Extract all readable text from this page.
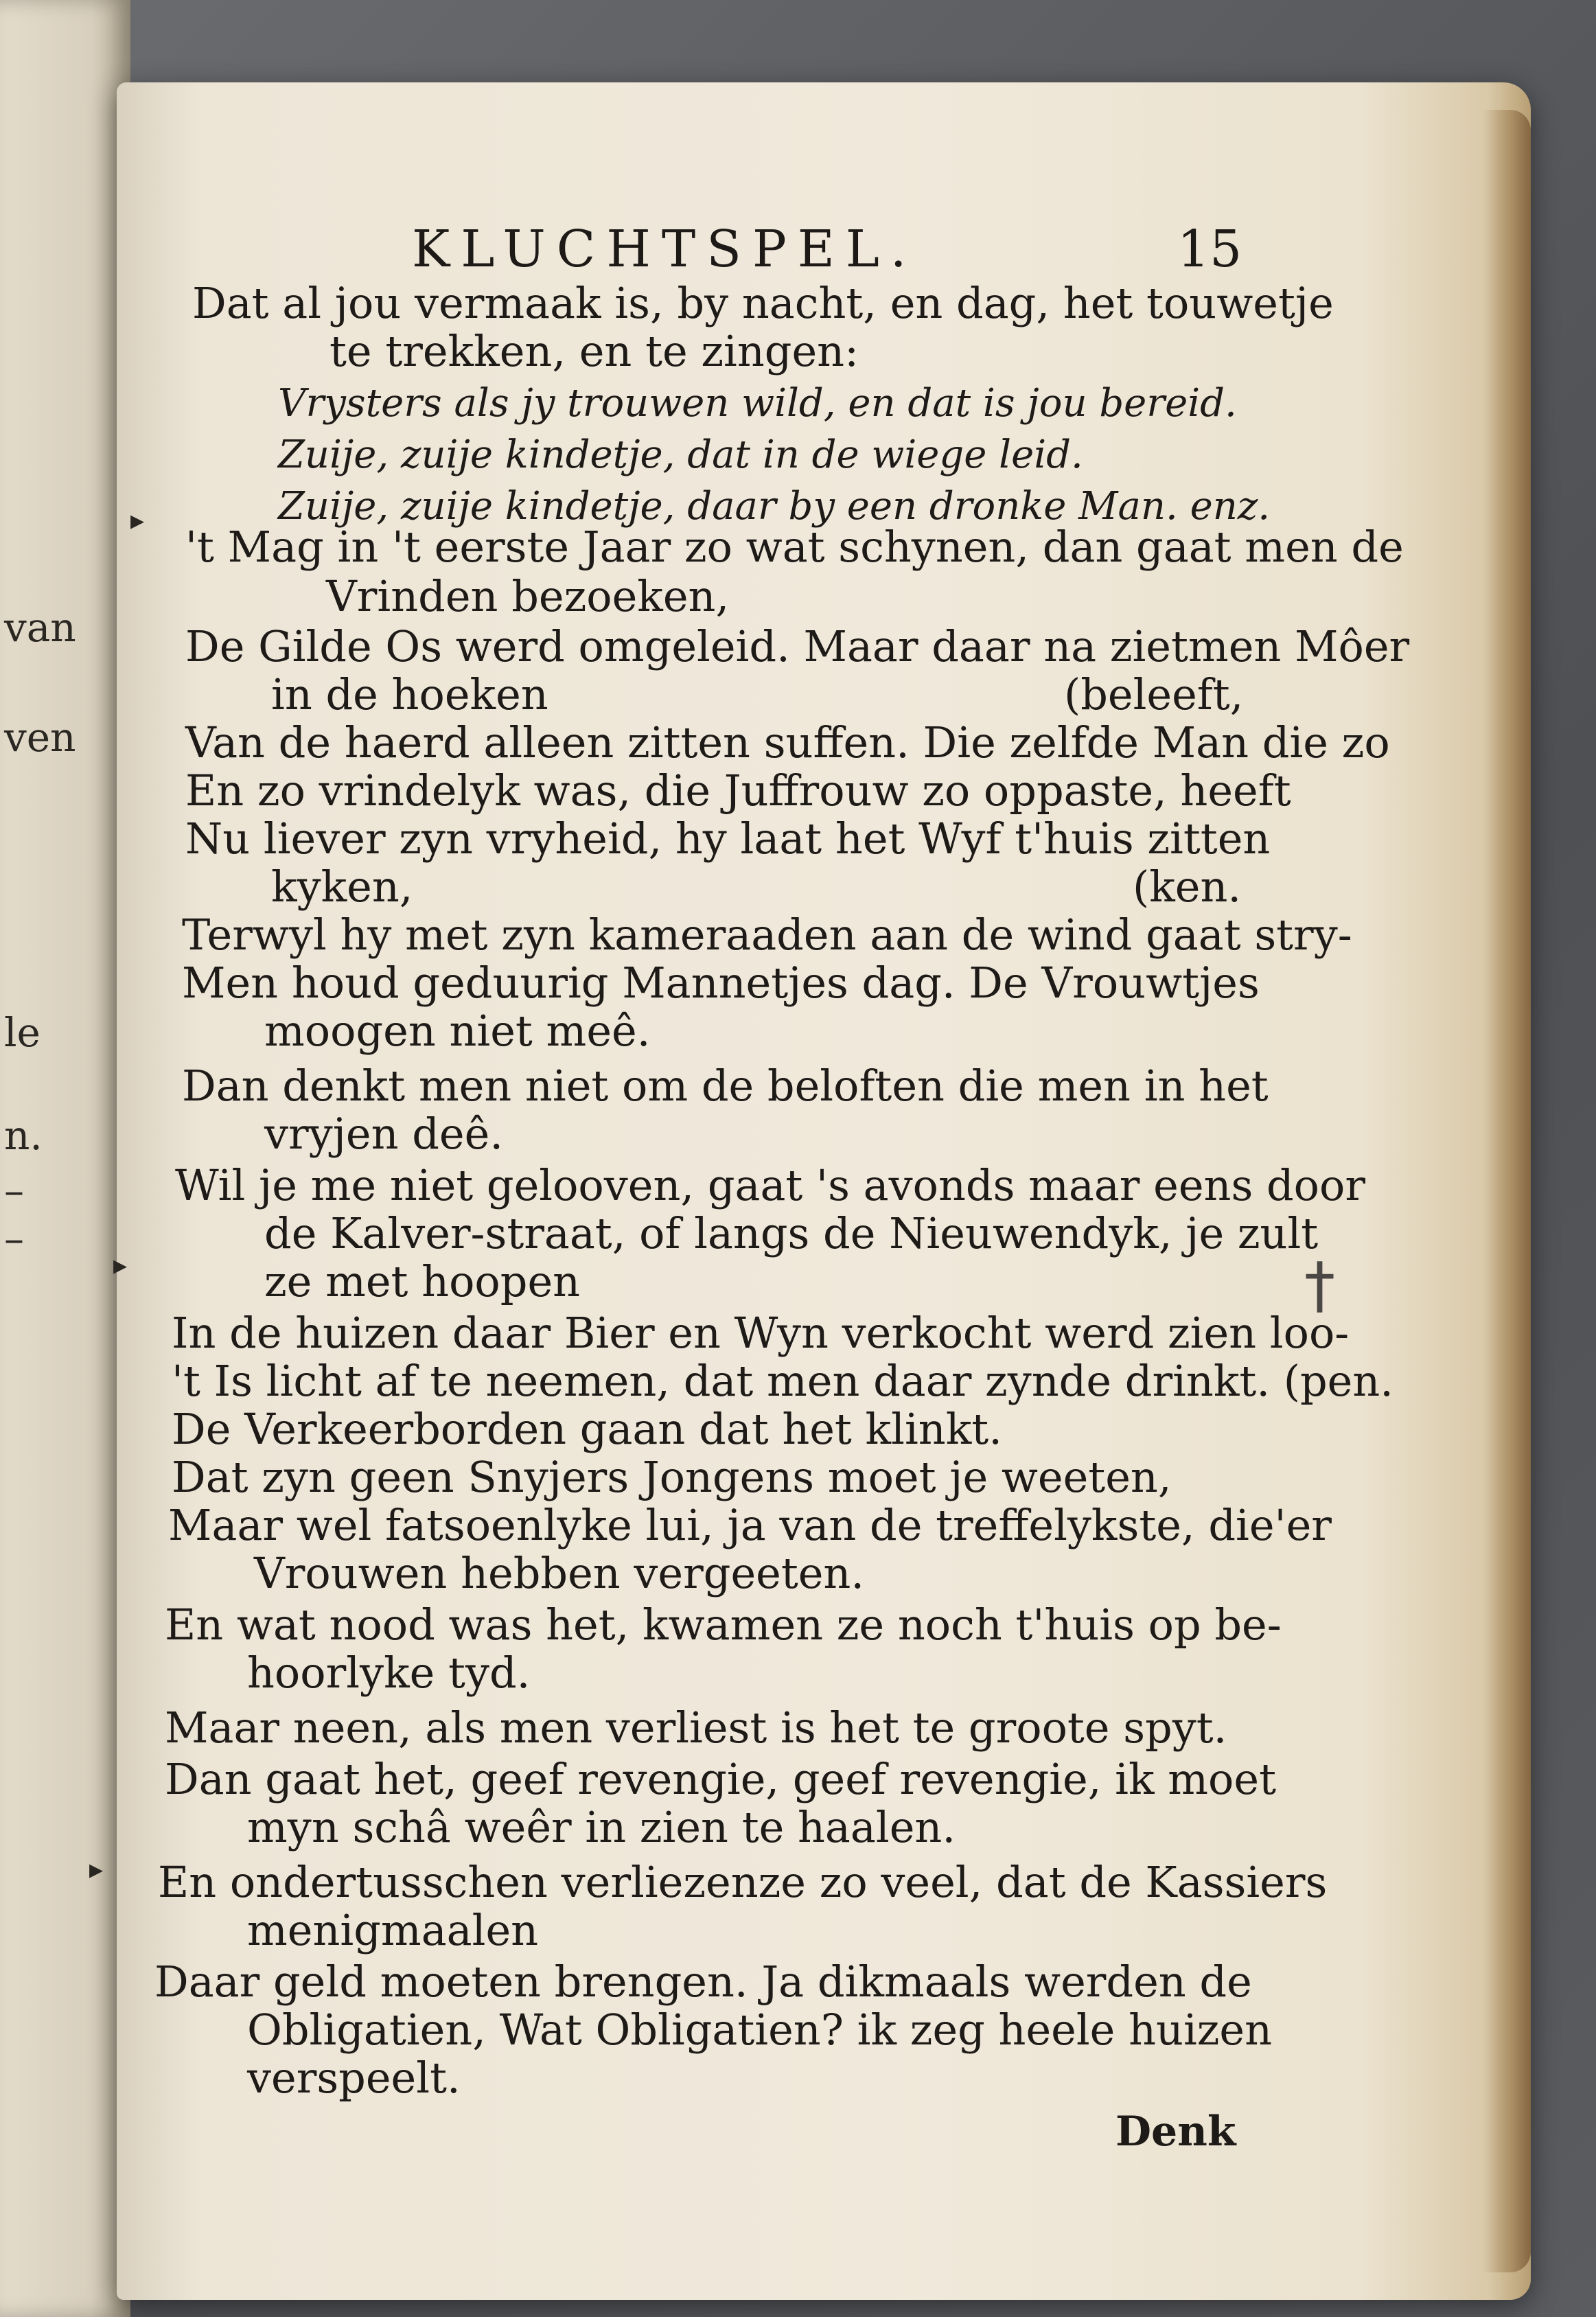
van
ven
le
n.
–
–
KLUCHTSPEL.	15
Dat al jou vermaak is, by nacht, en dag, het touwetje
te trekken, en te zingen:
Vrysters als jy trouwen wild, en dat is jou bereid.
Zuije, zuije kindetje, dat in de wiege leid.
Zuije, zuije kindetje, daar by een dronke Man. enz.
't Mag in 't eerste Jaar zo wat schynen, dan gaat men de
Vrinden bezoeken,
De Gilde Os werd omgeleid. Maar daar na zietmen Môer
in de hoeken	(beleeft,
Van de haerd alleen zitten suffen. Die zelfde Man die zo
En zo vrindelyk was, die Juffrouw zo oppaste, heeft
Nu liever zyn vryheid, hy laat het Wyf t'huis zitten
kyken,	(ken.
Terwyl hy met zyn kameraaden aan de wind gaat stry-
Men houd geduurig Mannetjes dag. De Vrouwtjes
moogen niet meê.
Dan denkt men niet om de beloften die men in het
vryjen deê.
Wil je me niet gelooven, gaat 's avonds maar eens door
de Kalver-straat, of langs de Nieuwendyk, je zult
ze met hoopen
In de huizen daar Bier en Wyn verkocht werd zien loo-
't Is licht af te neemen, dat men daar zynde drinkt. (pen.
De Verkeerborden gaan dat het klinkt.
Dat zyn geen Snyjers Jongens moet je weeten,
Maar wel fatsoenlyke lui, ja van de treffelykste, die'er
Vrouwen hebben vergeeten.
En wat nood was het, kwamen ze noch t'huis op be-
hoorlyke tyd.
Maar neen, als men verliest is het te groote spyt.
Dan gaat het, geef revengie, geef revengie, ik moet
myn schâ weêr in zien te haalen.
En ondertusschen verliezenze zo veel, dat de Kassiers
menigmaalen
Daar geld moeten brengen. Ja dikmaals werden de
Obligatien, Wat Obligatien? ik zeg heele huizen
verspeelt.
Denk
†
▸
▸
▸
